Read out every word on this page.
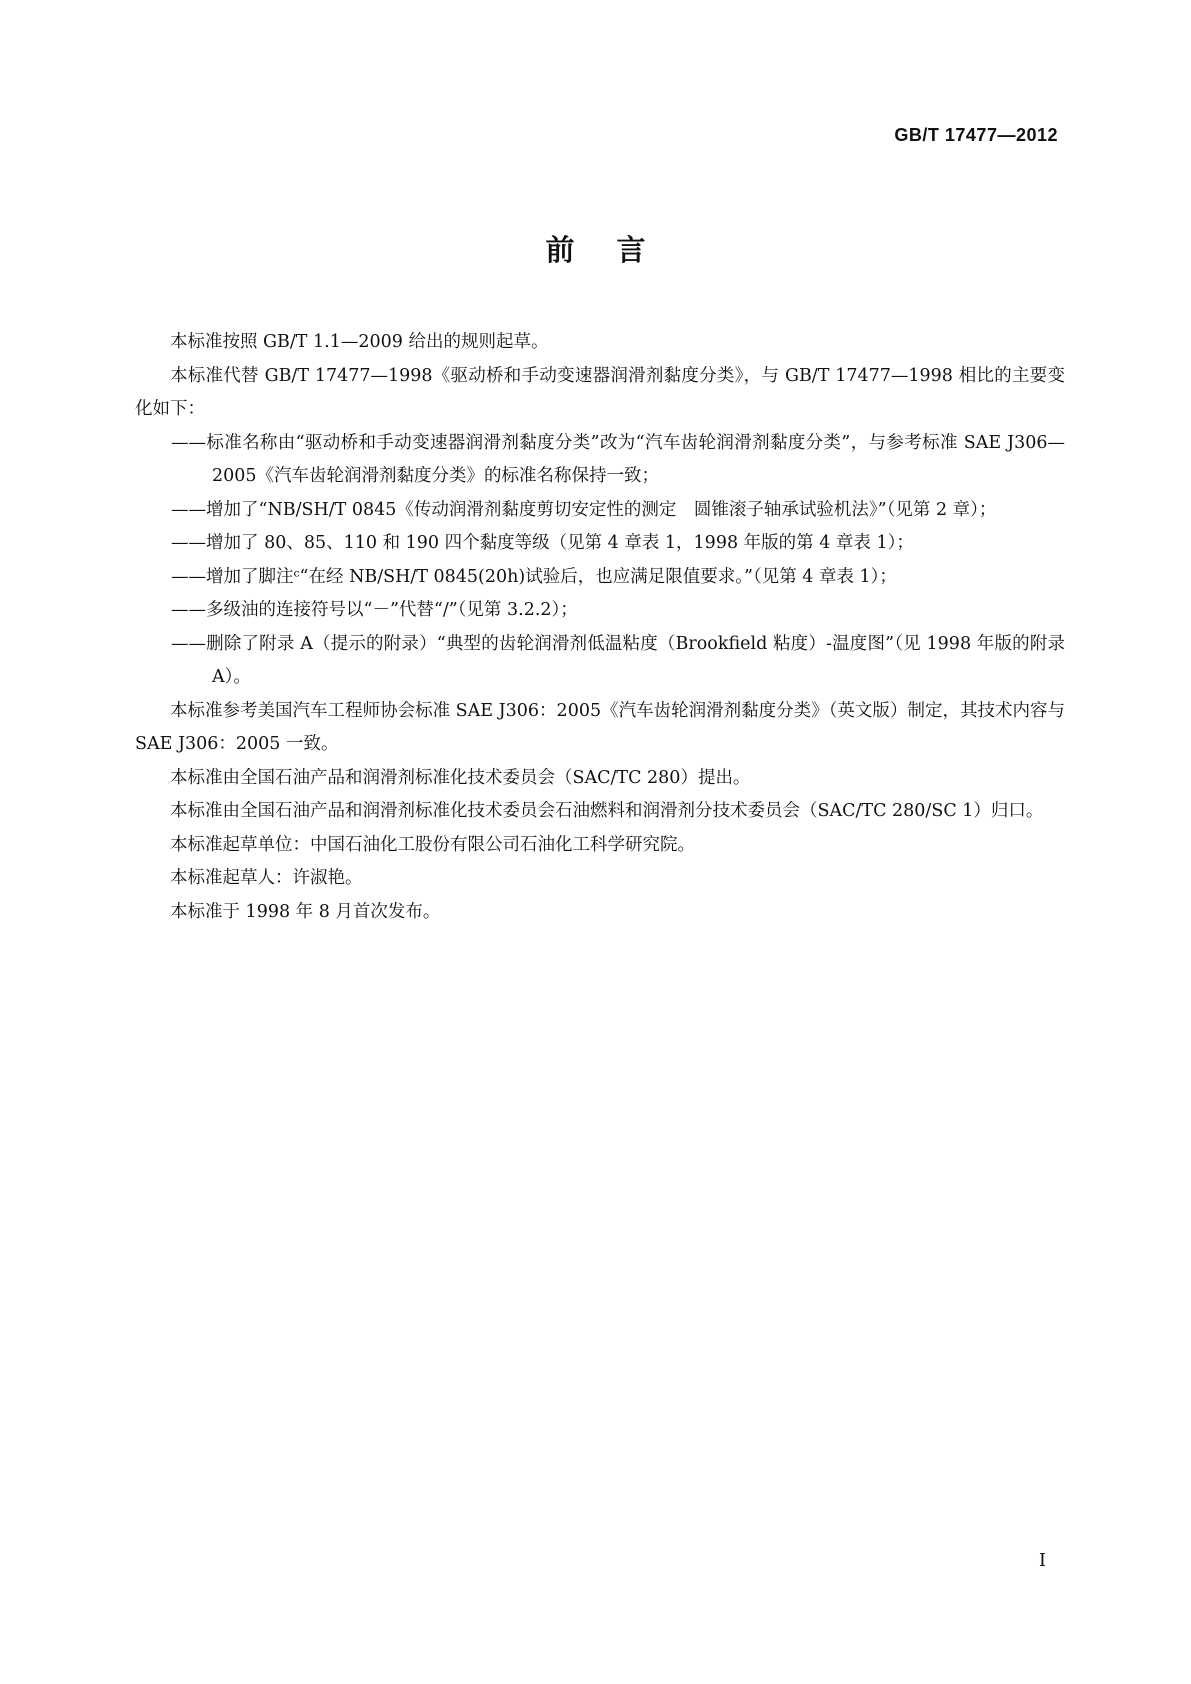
GB/T 17477—2012
前言

本标准按照 GB/T 1.1—2009 给出的规则起草。

本标准代替 GB/T 17477—1998《驱动桥和手动变速器润滑剂黏度分类》，与 GB/T 17477—1998 相比的主要变化如下：

——标准名称由“驱动桥和手动变速器润滑剂黏度分类”改为“汽车齿轮润滑剂黏度分类”，与参考标准 SAE J306—2005《汽车齿轮润滑剂黏度分类》的标准名称保持一致；

——增加了“NB/SH/T 0845《传动润滑剂黏度剪切安定性的测定　圆锥滚子轴承试验机法》”（见第 2 章）；

——增加了 80、85、110 和 190 四个黏度等级（见第 4 章表 1，1998 年版的第 4 章表 1）；

——增加了脚注ᶜ“在经 NB/SH/T 0845(20h)试验后，也应满足限值要求。”（见第 4 章表 1）；

——多级油的连接符号以“－”代替“/”（见第 3.2.2）；

——删除了附录 A（提示的附录）“典型的齿轮润滑剂低温粘度（Brookfield 粘度）-温度图”（见 1998 年版的附录 A）。

本标准参考美国汽车工程师协会标准 SAE J306：2005《汽车齿轮润滑剂黏度分类》（英文版）制定，其技术内容与 SAE J306：2005 一致。

本标准由全国石油产品和润滑剂标准化技术委员会（SAC/TC 280）提出。

本标准由全国石油产品和润滑剂标准化技术委员会石油燃料和润滑剂分技术委员会（SAC/TC 280/SC 1）归口。

本标准起草单位：中国石油化工股份有限公司石油化工科学研究院。

本标准起草人：许淑艳。

本标准于 1998 年 8 月首次发布。

I
